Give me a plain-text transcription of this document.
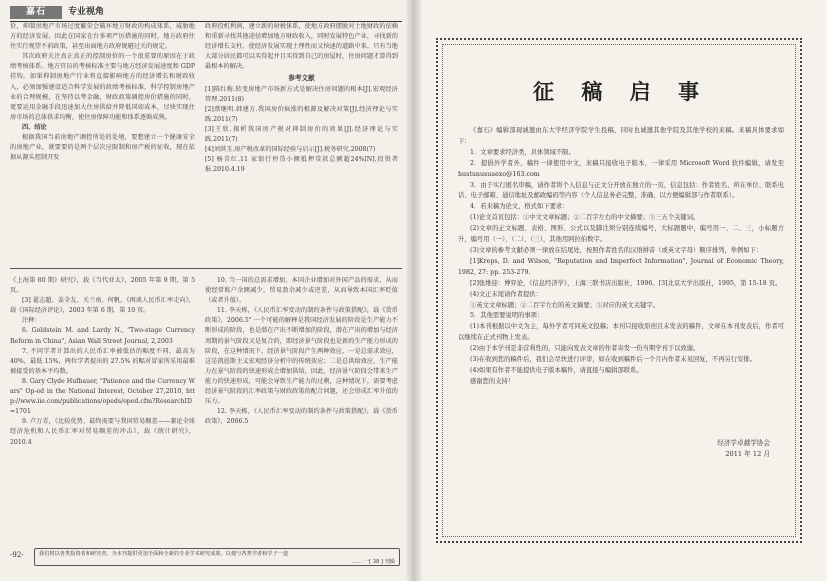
嘉石	专业视角

价，抑制房地产市场过度繁荣会破坏地方财政的构成体系，威胁地方的经济发展，因此在国家在台多项严厉措施的同时，地方政府往往实行观望不前政策，甚至出面地方政府规避过关的规定。

其次政府关注真正真正的控制房价的一个很重要的原因在于政绩考核体系。地方官员的考核标准主要与地方经济发展速度和 GDP 挂钩。如果抑制房地产行业将直接影响地方的经济增长和财政收入，必须加强建设适合科学发展的政绩考核标准，科学控制房地产业的合理规模，在坚持以考金融，财政政策调控房价措施的同时，更要运用金融手段迅速加大住房供给并降低国如成本，尽快实现住房市场的总体供求均衡，使住房保障功能和体系逐渐成熟。

四、结论

根据我国当前房地产调控所处的处境，要想建立一个健康安全的房地产业，就要要的是两个层次应限制和房产税的征收，现在依据从源头控制开发

政府投机利润，建立新的射税体系，使地方政府摆脱对土地财政的依赖和重新寻找其他途径增加地方财政收入，同时发展特色产业，寻找新的经济增长支柱，使经济发展实现土理性而又快速的道路中来。只有当地大部分居民都可以买得起并且买得到自己的房屋时，住房问题才算得到最根本的解决。

参考文献

[1]陈红梅.转变房地产市场新方式是解决住房问题的根本[J].宏观经济管理.2011(8)

[2]蔡继明.韩建方.我国房价疯涨的根源及解决对策[J].经济理论与实践.2011(7)

[3]王欣.探析我国房产税对抑制房价的效果[J].经济理论与实践.2011(7)

[4]刘洪玉.房产税改革的国际经验与启示[J].税务研究.2008(7)

[5] 杨青红.11 家银行停贷小额抵押贷款总额超24%[N].投资者报.2010.4.19

《上海第 80 期》研究》，载《当代亚太》，2005 年第 9 期，第 5 页。

[3] 翟志超、姜全友、关兰南、何帆，《再谈人民币汇率走向》，载《国际经济评论》，2003 年第 6 期，第 10 页。

注释：

6. Goldstein M. and Lardy N., "Two-stage Currency Reform in China", Asian Wall Street Journal, 2,2003

7. 不同学者计算出的人民币汇率被低估的幅度不同，最高为 40%，最低 15%，两位学者提出的 27.5% 的幅对冒家所采用最难被接受的基本平均数。

8. Gary Clyde Hufbauer, "Patience and the Currency Wars" Op-ed in the National Interest, October 27,2010, http://www.iie.com/publications/opeds/oped.cfm?ResearchID=1701

9. 卢万青，《比较优势、最终需要与我国贸易顺差——兼论全球经济危机和人民币汇率对贸易顺差的冲击》，载《统计研究》，2010.4

10. 当一国的总需求增加，本国企业增加对外国产品的需求，从而使经常账户余额减少，贸易盈余减少或逆差，从而导致本国汇率贬值（或者升值）。

11. 李天栋，《人民币汇率变动的制约条件与政策搭配》，载《货币政策》，2006.5" 一个可能的解释是我国经济发展的阶段是生产能力不断形成的阶段，也是潜在产出不断增加的阶段，潜在产出的增加与经济周期的景气阶段又是复合的，即经济景气阶段也是新的生产能力形成的阶段，在这种情况下，经济景气阶段产生两种效应，一是总需求效应，这是凯恩斯主义宏观经济分析中的传统效应；二是总供给效应，生产能力在景气阶段的快速形成会增加供给，因此，经济景气阶段会带来生产能力的快速形成，可能会导致生产能力的过剩，这种情况下，需要考虑经济景气阶段的汇率政策与财政政策的配合问题，还会形成汇率升值的压力。

12. 李天栋，《人民币汇率变动的制约条件与政策搭配》，载《货币政策》，2006.5

-92-	我们将以各类投资者和研究者。为本刊提供更加全面和全新的专业学术研究成果。以便与各类学者和学子一道
…… 一[ 38 ] 刊辑
征 稿 启 事

《嘉石》编辑部现诚邀由东大学经济学院学生投稿，同时也诚邀其他学院及其他学校的来稿。来稿具体要求如下：

1．文章要求经济类，具体领域不限。

2．提倡外学者外，稿件一律使用中文，来稿只接收电子版本，一律采用 Microsoft Word 软件编辑，请发至 hustunusuaexo@163.com

3．由于实行匿名审稿，请作者将个人信息与正文分开放在独立的一页，信息包括：作者姓名、所在单位、联系电话、电子邮箱、通信地址及邮政编码等内容（个人信息务必完整，准确，以方便编辑部与作者联系）。

4．若来稿为论文，格式如下要求：

(1)论文首页包括：①中文文章标题；②二百字左右的中文摘要；③三五个关键词。

(2)文章的正文标题、表格、图形、公式以及脚注须分别连续编号，大标题题中，编号用一、二、三，小标题方升，编号用（一）、（二）、（三），其他用阿拉伯数字。

(3)文章的参考文献必须一律放在结尾处，按照作者姓名的汉语拼音（或英文字母）顺序排列，举例如下：

[1]Kreps, D. and Wilson, "Reputation and Imperfect Information", Journal of Economic Theory, 1982, 27: pp. 253-279.

[2]张维迎：博弈论，《信息经济学》，上海三联书店出版社，1996。[3]北京大学出版社，1995，第 15-18 页。

(4)文正末尾请作者提供：

①英文文章标题；②二百字左右的英文摘要；③对应的英文关键字。

5．其他需要说明的事项：

(1)本刊根据以中文为主，每外学者可同英文投稿；本刊只接收原创且未发表的稿件，文章在本刊发表后，作者可以继续在正式刊物上发表。

(2)由于本学刊是非营利性的，只能向发表文章的作者寄发一份当期学刊于以致谢。

(3)在收到您的稿件后，我们会尽快进行评审，如在收到稿件后一个月内作者未见回复，不再另行安排。

(4)如果有作者不能提供电子版本稿件，请直接与编辑部联系。

感谢您的支持！

经济学卓越学协会
2011 年 12 月
